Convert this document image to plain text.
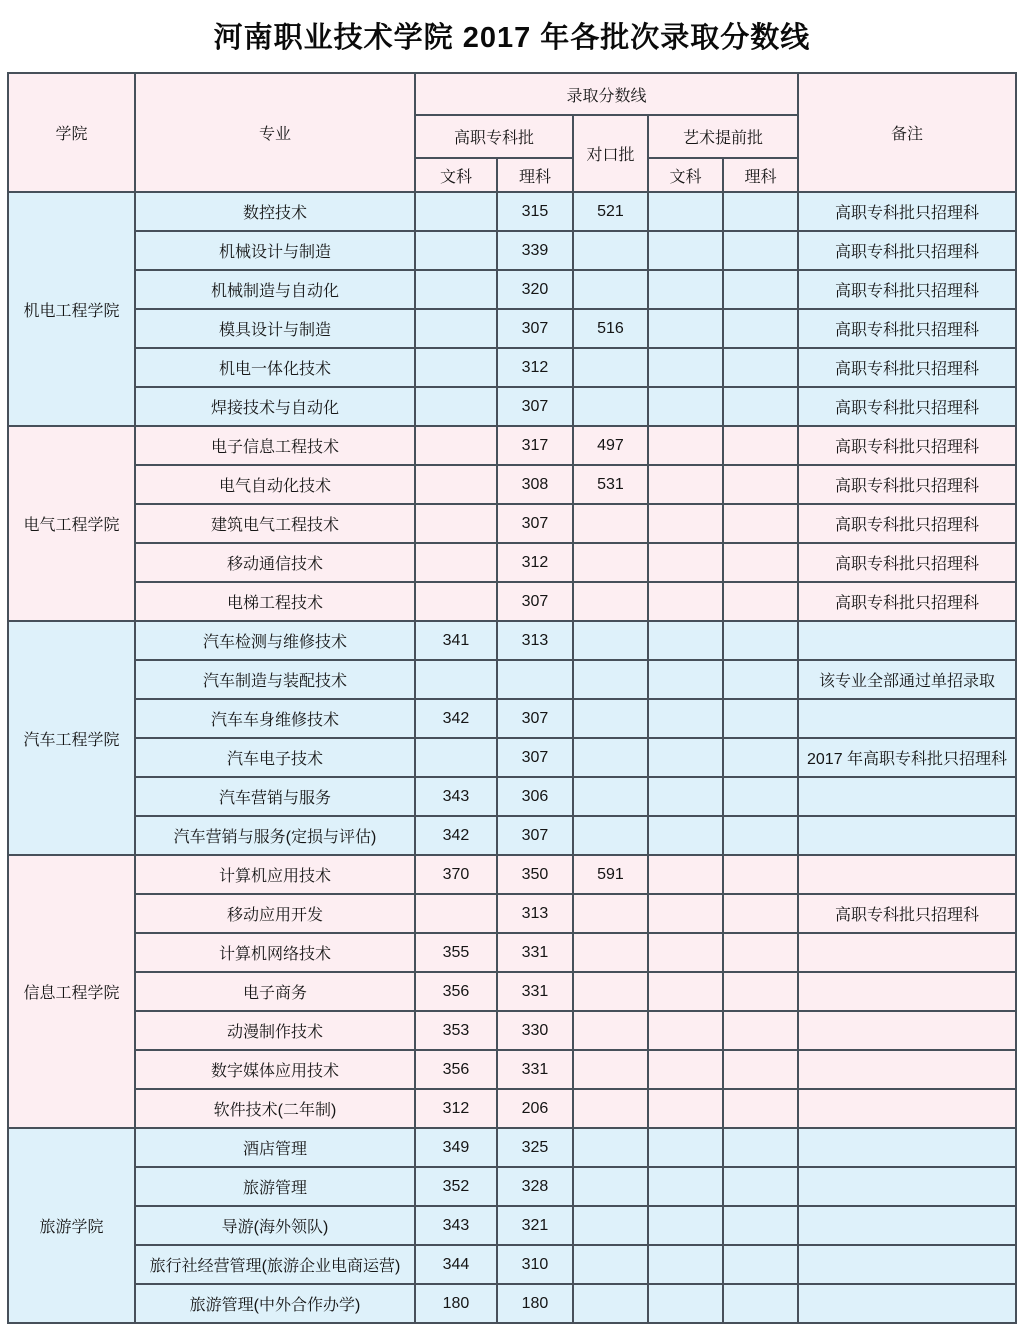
河南职业技术学院 2017 年各批次录取分数线
学院	专业	录取分数线					备注
		高职专科批		对口批	艺术提前批		
		文科	理科		文科	理科	
机电工程学院	数控技术		315	521			高职专科批只招理科
	机械设计与制造		339				高职专科批只招理科
	机械制造与自动化		320				高职专科批只招理科
	模具设计与制造		307	516			高职专科批只招理科
	机电一体化技术		312				高职专科批只招理科
	焊接技术与自动化		307				高职专科批只招理科
电气工程学院	电子信息工程技术		317	497			高职专科批只招理科
	电气自动化技术		308	531			高职专科批只招理科
	建筑电气工程技术		307				高职专科批只招理科
	移动通信技术		312				高职专科批只招理科
	电梯工程技术		307				高职专科批只招理科
汽车工程学院	汽车检测与维修技术	341	313				
	汽车制造与装配技术						该专业全部通过单招录取
	汽车车身维修技术	342	307				
	汽车电子技术		307				2017 年高职专科批只招理科
	汽车营销与服务	343	306				
	汽车营销与服务(定损与评估)	342	307				
信息工程学院	计算机应用技术	370	350	591			
	移动应用开发		313				高职专科批只招理科
	计算机网络技术	355	331				
	电子商务	356	331				
	动漫制作技术	353	330				
	数字媒体应用技术	356	331				
	软件技术(二年制)	312	206				
旅游学院	酒店管理	349	325				
	旅游管理	352	328				
	导游(海外领队)	343	321				
	旅行社经营管理(旅游企业电商运营)	344	310				
	旅游管理(中外合作办学)	180	180				
